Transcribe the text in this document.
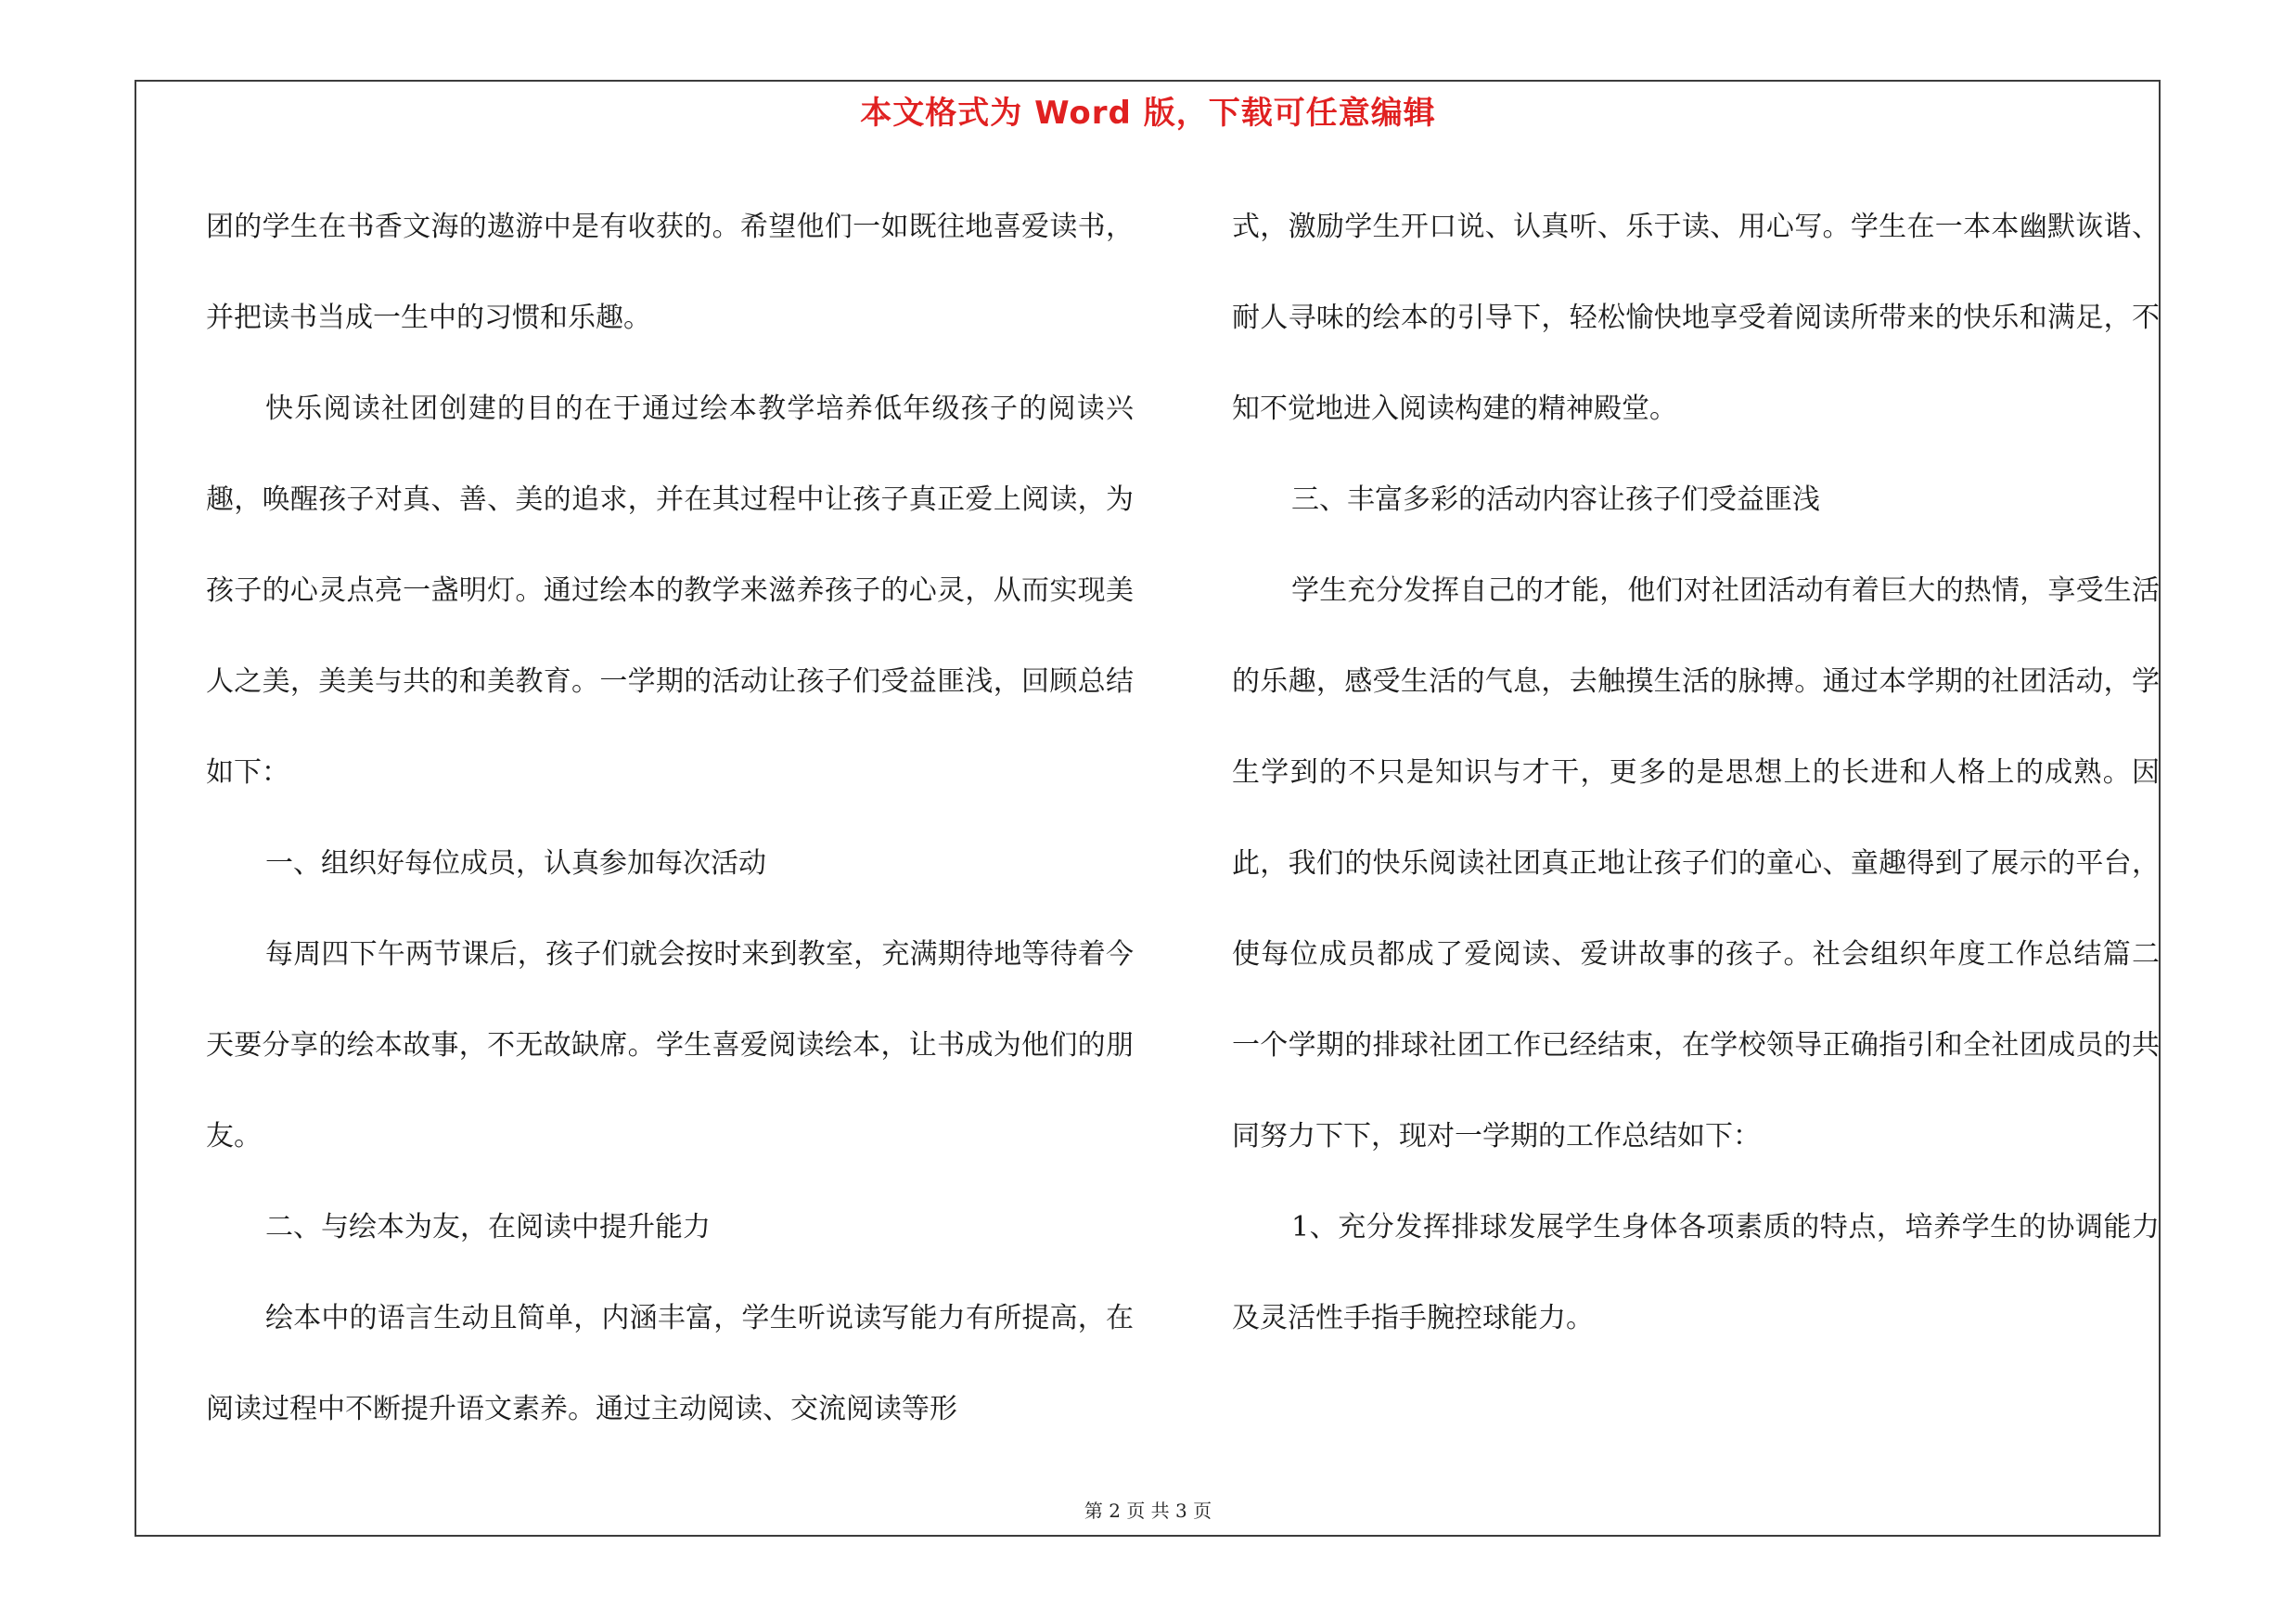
本文格式为 Word 版，下载可任意编辑

团的学生在书香文海的遨游中是有收获的。希望他们一如既往地喜爱读书，并把读书当成一生中的习惯和乐趣。

快乐阅读社团创建的目的在于通过绘本教学培养低年级孩子的阅读兴趣，唤醒孩子对真、善、美的追求，并在其过程中让孩子真正爱上阅读，为孩子的心灵点亮一盏明灯。通过绘本的教学来滋养孩子的心灵，从而实现美人之美，美美与共的和美教育。一学期的活动让孩子们受益匪浅，回顾总结如下：

一、组织好每位成员，认真参加每次活动

每周四下午两节课后，孩子们就会按时来到教室，充满期待地等待着今天要分享的绘本故事，不无故缺席。学生喜爱阅读绘本，让书成为他们的朋友。

二、与绘本为友，在阅读中提升能力

绘本中的语言生动且简单，内涵丰富，学生听说读写能力有所提高，在阅读过程中不断提升语文素养。通过主动阅读、交流阅读等形

式，激励学生开口说、认真听、乐于读、用心写。学生在一本本幽默诙谐、耐人寻味的绘本的引导下，轻松愉快地享受着阅读所带来的快乐和满足，不知不觉地进入阅读构建的精神殿堂。

三、丰富多彩的活动内容让孩子们受益匪浅

学生充分发挥自己的才能，他们对社团活动有着巨大的热情，享受生活的乐趣，感受生活的气息，去触摸生活的脉搏。通过本学期的社团活动，学生学到的不只是知识与才干，更多的是思想上的长进和人格上的成熟。因此，我们的快乐阅读社团真正地让孩子们的童心、童趣得到了展示的平台，使每位成员都成了爱阅读、爱讲故事的孩子。社会组织年度工作总结篇二　　一个学期的排球社团工作已经结束，在学校领导正确指引和全社团成员的共同努力下下，现对一学期的工作总结如下：

1、充分发挥排球发展学生身体各项素质的特点，培养学生的协调能力及灵活性手指手腕控球能力。

第 2 页 共 3 页
